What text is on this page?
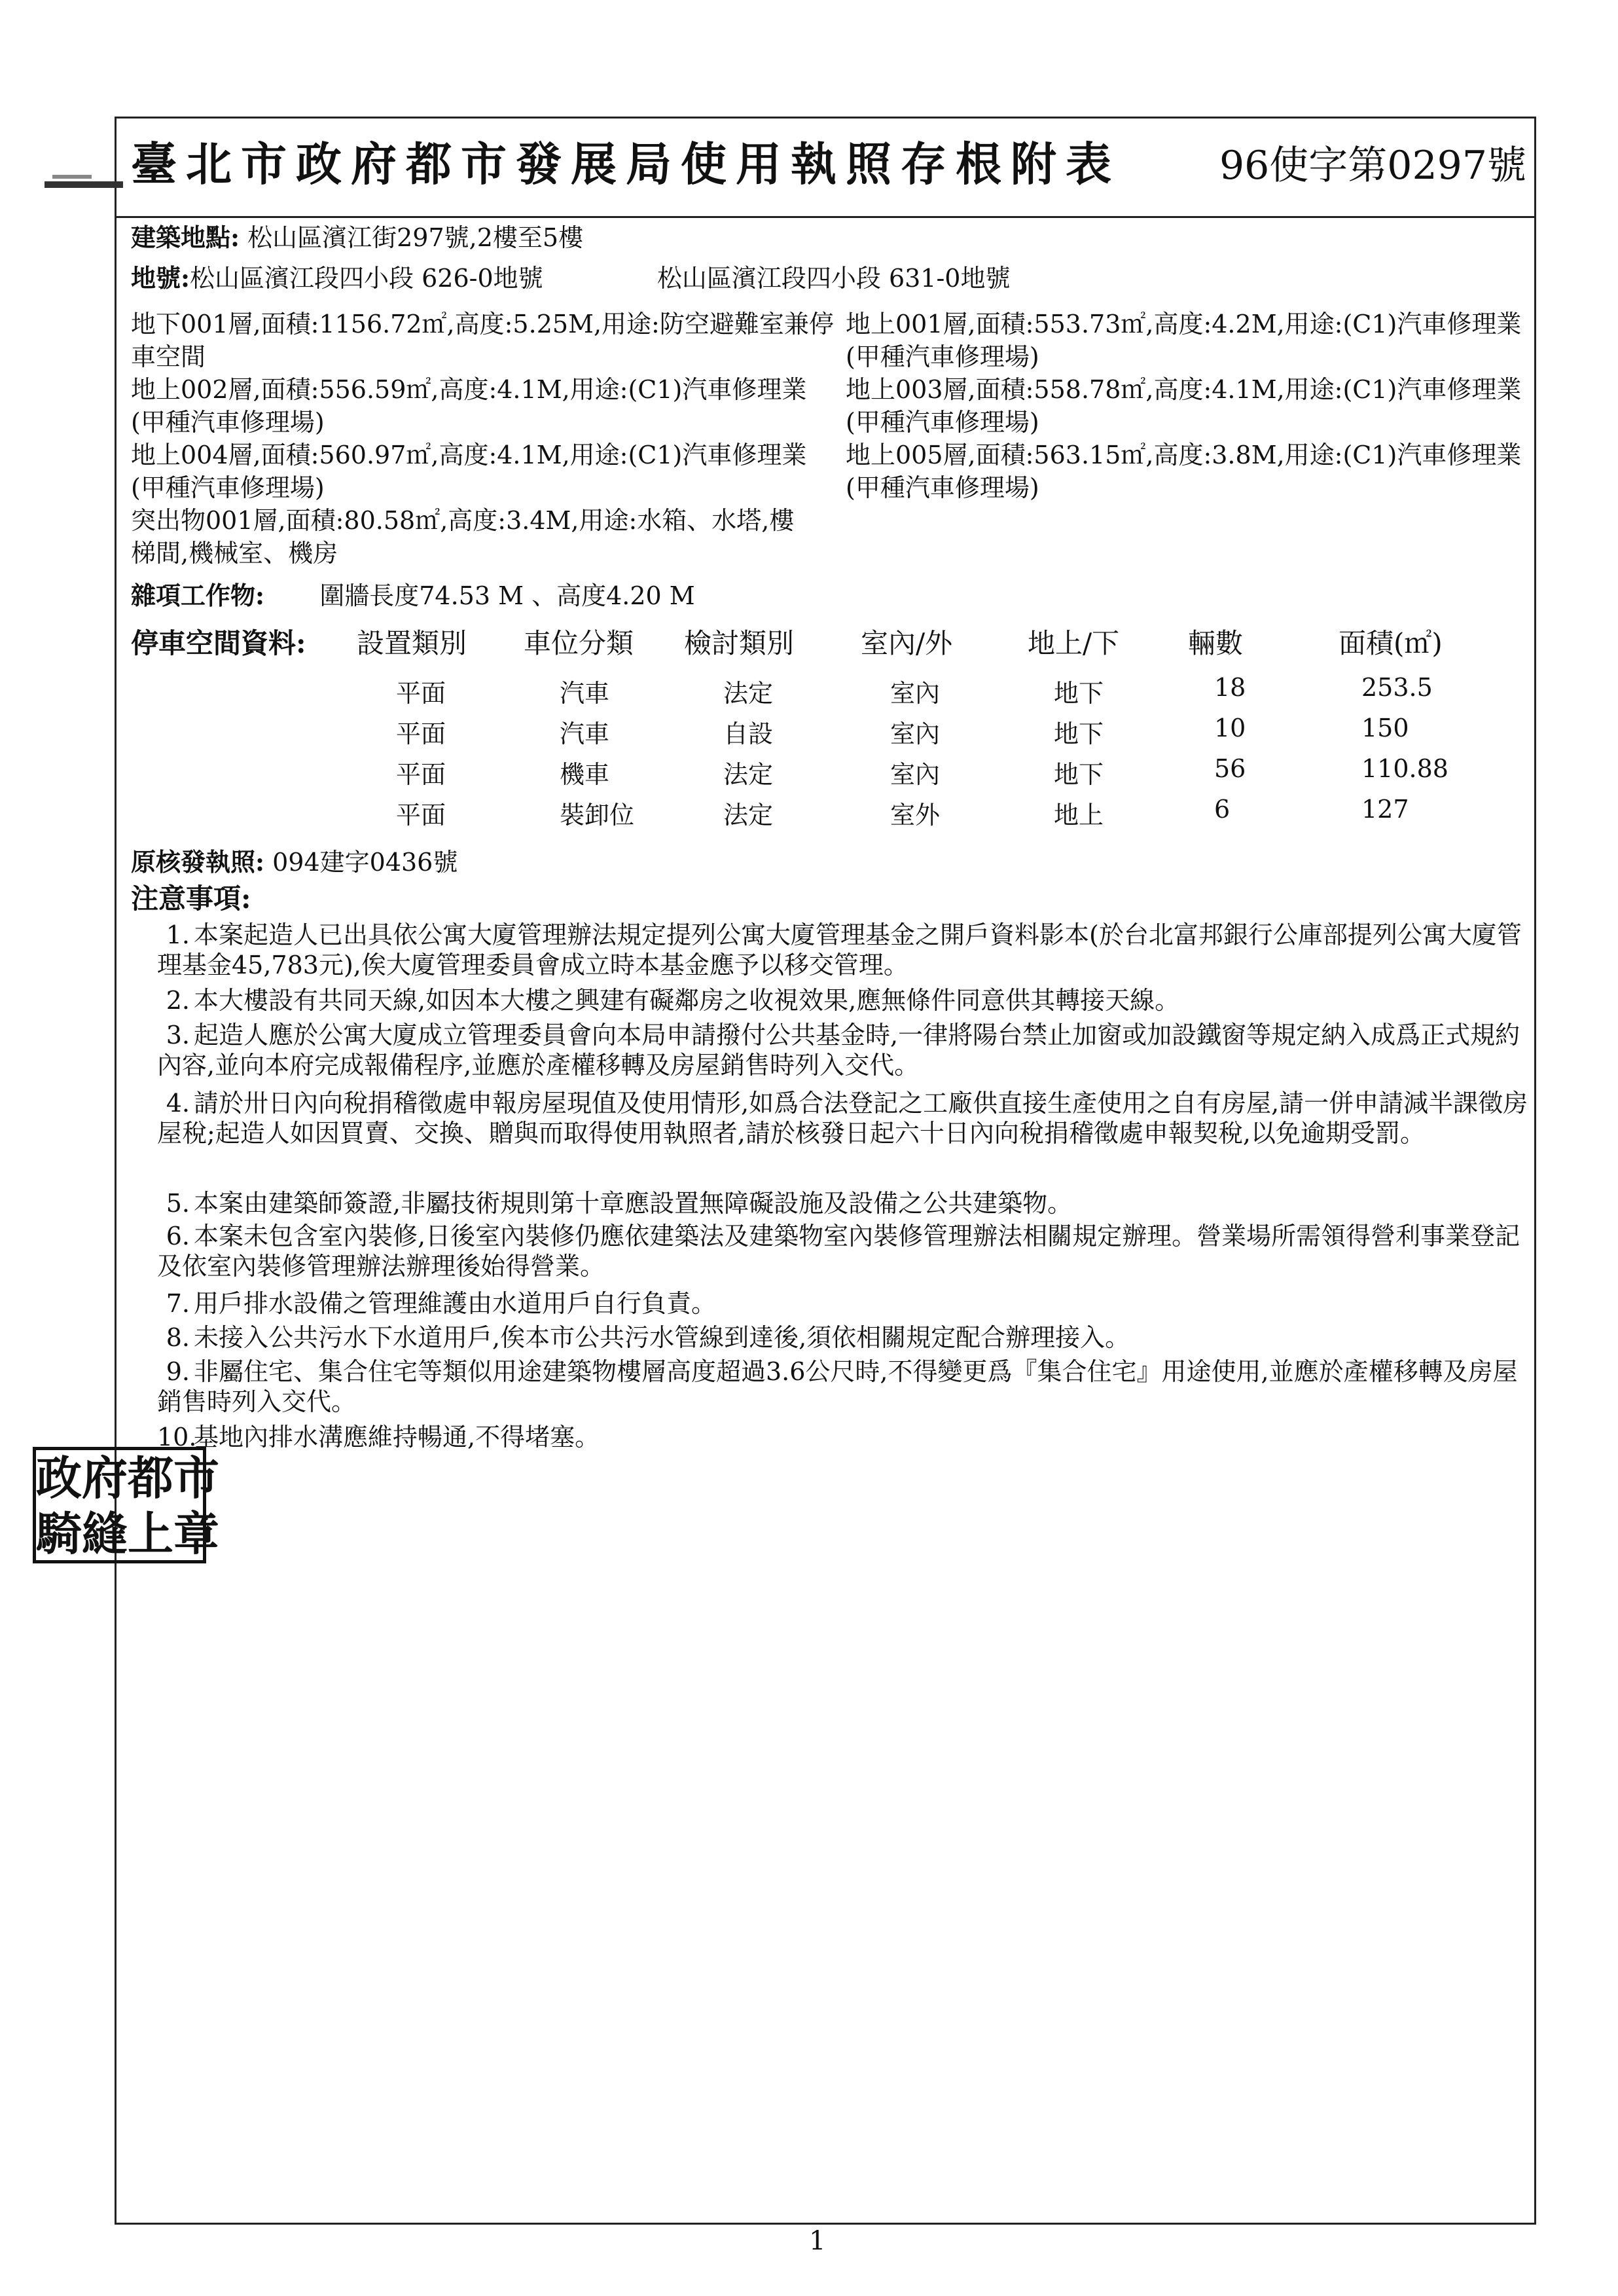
臺北市政府都市發展局使用執照存根附表	96使字第0297號
建築地點: 松山區濱江街297號,2樓至5樓
地號:松山區濱江段四小段 626-0地號	松山區濱江段四小段 631-0地號
地下001層,面積:1156.72㎡,高度:5.25M,用途:防空避難室兼停車空間
地上002層,面積:556.59㎡,高度:4.1M,用途:(C1)汽車修理業(甲種汽車修理場)
地上004層,面積:560.97㎡,高度:4.1M,用途:(C1)汽車修理業(甲種汽車修理場)
突出物001層,面積:80.58㎡,高度:3.4M,用途:水箱、水塔,樓梯間,機械室、機房
地上001層,面積:553.73㎡,高度:4.2M,用途:(C1)汽車修理業(甲種汽車修理場)
地上003層,面積:558.78㎡,高度:4.1M,用途:(C1)汽車修理業(甲種汽車修理場)
地上005層,面積:563.15㎡,高度:3.8M,用途:(C1)汽車修理業(甲種汽車修理場)
雜項工作物: 圍牆長度74.53 M 、高度4.20 M
停車空間資料: 設置類別 車位分類 檢討類別 室內/外	地上/下 輛數	面積(㎡)
平面	汽車	法定	室內	地下	18	253.5
平面	汽車	自設	室內	地下	10	150
平面	機車	法定	室內	地下	56	110.88
平面	裝卸位	法定	室外	地上	6	127
原核發執照: 094建字0436號
注意事項:
1. 本案起造人已出具依公寓大廈管理辦法規定提列公寓大廈管理基金之開戶資料影本(於台北富邦銀行公庫部提列公寓大廈管理基金45,783元),俟大廈管理委員會成立時本基金應予以移交管理。
2. 本大樓設有共同天線,如因本大樓之興建有礙鄰房之收視效果,應無條件同意供其轉接天線。
3. 起造人應於公寓大廈成立管理委員會向本局申請撥付公共基金時,一律將陽台禁止加窗或加設鐵窗等規定納入成爲正式規約內容,並向本府完成報備程序,並應於產權移轉及房屋銷售時列入交代。
4. 請於卅日內向稅捐稽徵處申報房屋現值及使用情形,如爲合法登記之工廠供直接生產使用之自有房屋,請一併申請減半課徵房屋稅;起造人如因買賣、交換、贈與而取得使用執照者,請於核發日起六十日內向稅捐稽徵處申報契稅,以免逾期受罰。
5. 本案由建築師簽證,非屬技術規則第十章應設置無障礙設施及設備之公共建築物。
6. 本案未包含室內裝修,日後室內裝修仍應依建築法及建築物室內裝修管理辦法相關規定辦理。營業場所需領得營利事業登記及依室內裝修管理辦法辦理後始得營業。
7. 用戶排水設備之管理維護由水道用戶自行負責。
8. 未接入公共污水下水道用戶,俟本市公共污水管線到達後,須依相關規定配合辦理接入。
9. 非屬住宅、集合住宅等類似用途建築物樓層高度超過3.6公尺時,不得變更爲『集合住宅』用途使用,並應於產權移轉及房屋銷售時列入交代。
10.基地內排水溝應維持暢通,不得堵塞。
政 府 都 市
騎 縫 上 章
1
